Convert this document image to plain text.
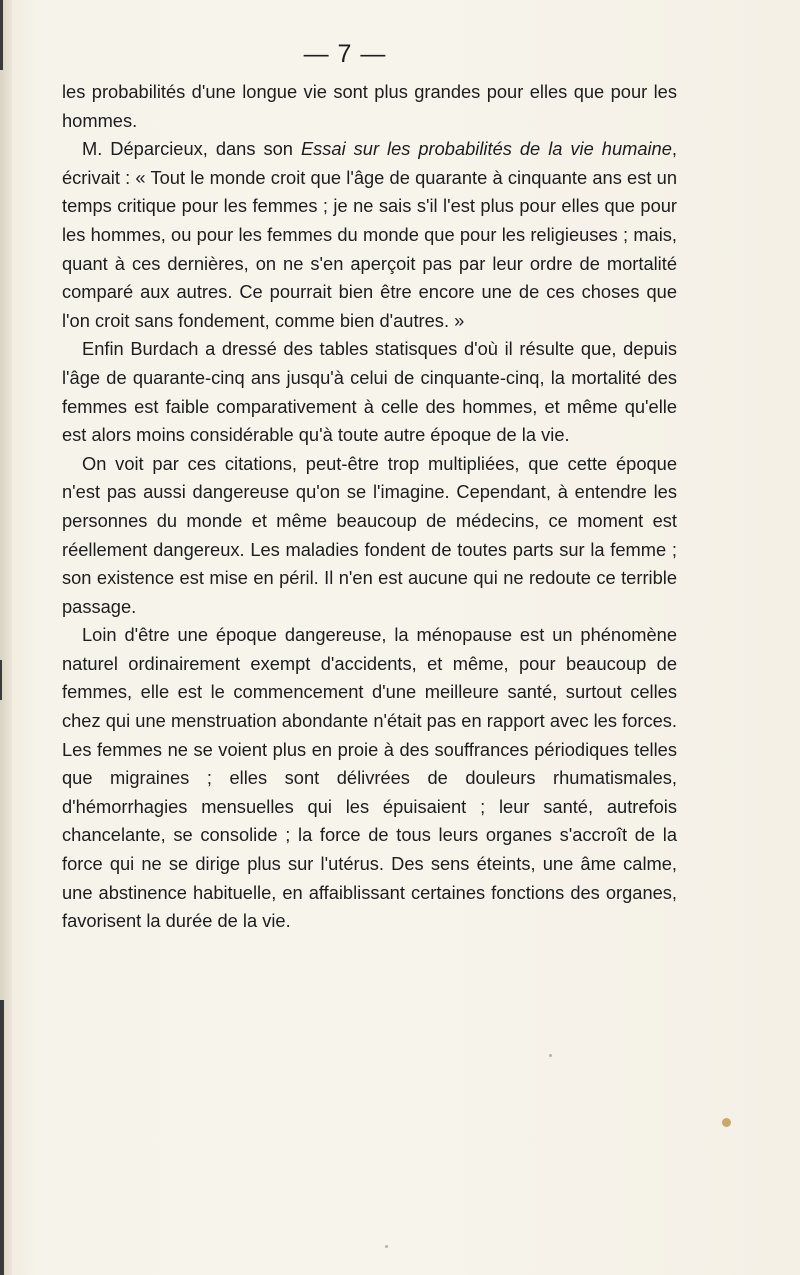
— 7 —

les probabilités d'une longue vie sont plus grandes pour elles que pour les hommes.

M. Déparcieux, dans son Essai sur les probabilités de la vie humaine, écrivait : « Tout le monde croit que l'âge de quarante à cinquante ans est un temps critique pour les femmes ; je ne sais s'il l'est plus pour elles que pour les hommes, ou pour les femmes du monde que pour les religieuses ; mais, quant à ces dernières, on ne s'en aperçoit pas par leur ordre de mortalité comparé aux autres. Ce pourrait bien être encore une de ces choses que l'on croit sans fondement, comme bien d'autres. »

Enfin Burdach a dressé des tables statisques d'où il résulte que, depuis l'âge de quarante-cinq ans jusqu'à celui de cinquante-cinq, la mortalité des femmes est faible comparativement à celle des hommes, et même qu'elle est alors moins considérable qu'à toute autre époque de la vie.

On voit par ces citations, peut-être trop multipliées, que cette époque n'est pas aussi dangereuse qu'on se l'imagine. Cependant, à entendre les personnes du monde et même beaucoup de médecins, ce moment est réellement dangereux. Les maladies fondent de toutes parts sur la femme ; son existence est mise en péril. Il n'en est aucune qui ne redoute ce terrible passage.

Loin d'être une époque dangereuse, la ménopause est un phénomène naturel ordinairement exempt d'accidents, et même, pour beaucoup de femmes, elle est le commencement d'une meilleure santé, surtout celles chez qui une menstruation abondante n'était pas en rapport avec les forces. Les femmes ne se voient plus en proie à des souffrances périodiques telles que migraines ; elles sont délivrées de douleurs rhumatismales, d'hémorrhagies mensuelles qui les épuisaient ; leur santé, autrefois chancelante, se consolide ; la force de tous leurs organes s'accroît de la force qui ne se dirige plus sur l'utérus. Des sens éteints, une âme calme, une abstinence habituelle, en affaiblissant certaines fonctions des organes, favorisent la durée de la vie.
